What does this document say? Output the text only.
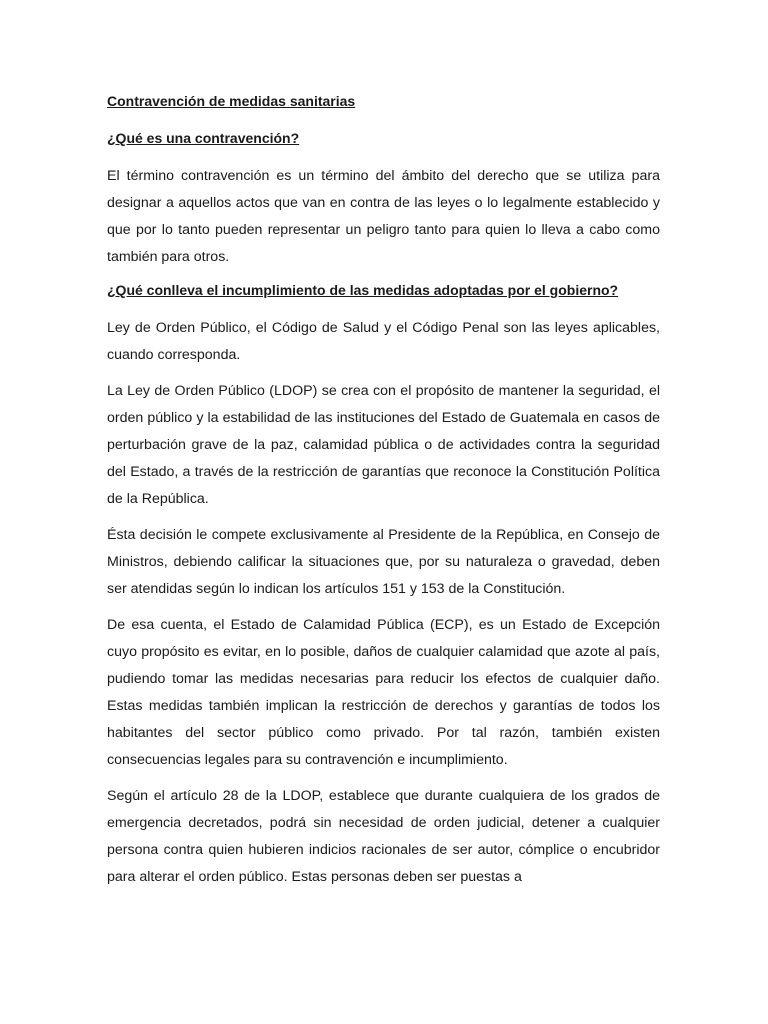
Contravención de medidas sanitarias
¿Qué es una contravención?

El término contravención es un término del ámbito del derecho que se utiliza para designar a aquellos actos que van en contra de las leyes o lo legalmente establecido y que por lo tanto pueden representar un peligro tanto para quien lo lleva a cabo como también para otros.

¿Qué conlleva el incumplimiento de las medidas adoptadas por el gobierno?

Ley de Orden Público, el Código de Salud y el Código Penal son las leyes aplicables, cuando corresponda.

La Ley de Orden Público (LDOP) se crea con el propósito de mantener la seguridad, el orden público y la estabilidad de las instituciones del Estado de Guatemala en casos de perturbación grave de la paz, calamidad pública o de actividades contra la seguridad del Estado, a través de la restricción de garantías que reconoce la Constitución Política de la República.

Ésta decisión le compete exclusivamente al Presidente de la República, en Consejo de Ministros, debiendo calificar la situaciones que, por su naturaleza o gravedad, deben ser atendidas según lo indican los artículos 151 y 153 de la Constitución.

De esa cuenta, el Estado de Calamidad Pública (ECP), es un Estado de Excepción cuyo propósito es evitar, en lo posible, daños de cualquier calamidad que azote al país, pudiendo tomar las medidas necesarias para reducir los efectos de cualquier daño. Estas medidas también implican la restricción de derechos y garantías de todos los habitantes del sector público como privado. Por tal razón, también existen consecuencias legales para su contravención e incumplimiento.

Según el artículo 28 de la LDOP, establece que durante cualquiera de los grados de emergencia decretados, podrá sin necesidad de orden judicial, detener a cualquier persona contra quien hubieren indicios racionales de ser autor, cómplice o encubridor para alterar el orden público. Estas personas deben ser puestas a
